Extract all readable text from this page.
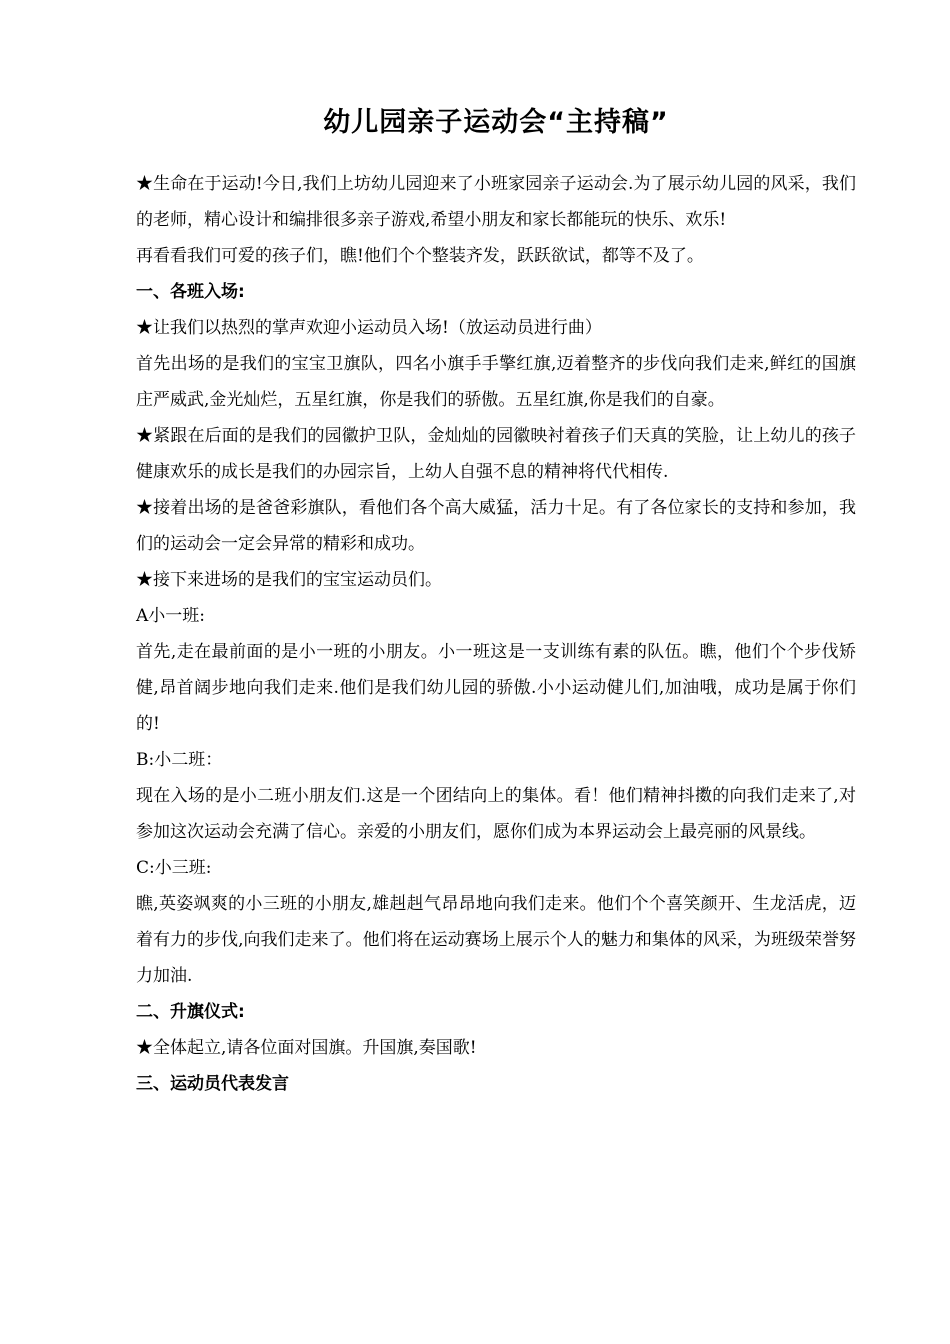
幼儿园亲子运动会“主持稿”

★生命在于运动!今日,我们上坊幼儿园迎来了小班家园亲子运动会.为了展示幼儿园的风采，我们的老师，精心设计和编排很多亲子游戏,希望小朋友和家长都能玩的快乐、欢乐!

再看看我们可爱的孩子们，瞧!他们个个整装齐发，跃跃欲试，都等不及了。

一、各班入场:

★让我们以热烈的掌声欢迎小运动员入场!（放运动员进行曲）

首先出场的是我们的宝宝卫旗队，四名小旗手手擎红旗,迈着整齐的步伐向我们走来,鲜红的国旗庄严威武,金光灿烂，五星红旗，你是我们的骄傲。五星红旗,你是我们的自豪。

★紧跟在后面的是我们的园徽护卫队，金灿灿的园徽映衬着孩子们天真的笑脸，让上幼儿的孩子健康欢乐的成长是我们的办园宗旨，上幼人自强不息的精神将代代相传.

★接着出场的是爸爸彩旗队，看他们各个高大威猛，活力十足。有了各位家长的支持和参加，我们的运动会一定会异常的精彩和成功。

★接下来进场的是我们的宝宝运动员们。

A小一班:

首先,走在最前面的是小一班的小朋友。小一班这是一支训练有素的队伍。瞧，他们个个步伐矫健,昂首阔步地向我们走来.他们是我们幼儿园的骄傲.小小运动健儿们,加油哦，成功是属于你们的!

B:小二班：

现在入场的是小二班小朋友们.这是一个团结向上的集体。看！他们精神抖擞的向我们走来了,对参加这次运动会充满了信心。亲爱的小朋友们，愿你们成为本界运动会上最亮丽的风景线。

C:小三班:

瞧,英姿飒爽的小三班的小朋友,雄赳赳气昂昂地向我们走来。他们个个喜笑颜开、生龙活虎，迈着有力的步伐,向我们走来了。他们将在运动赛场上展示个人的魅力和集体的风采，为班级荣誉努力加油.

二、升旗仪式:

★全体起立,请各位面对国旗。升国旗,奏国歌!

三、运动员代表发言
